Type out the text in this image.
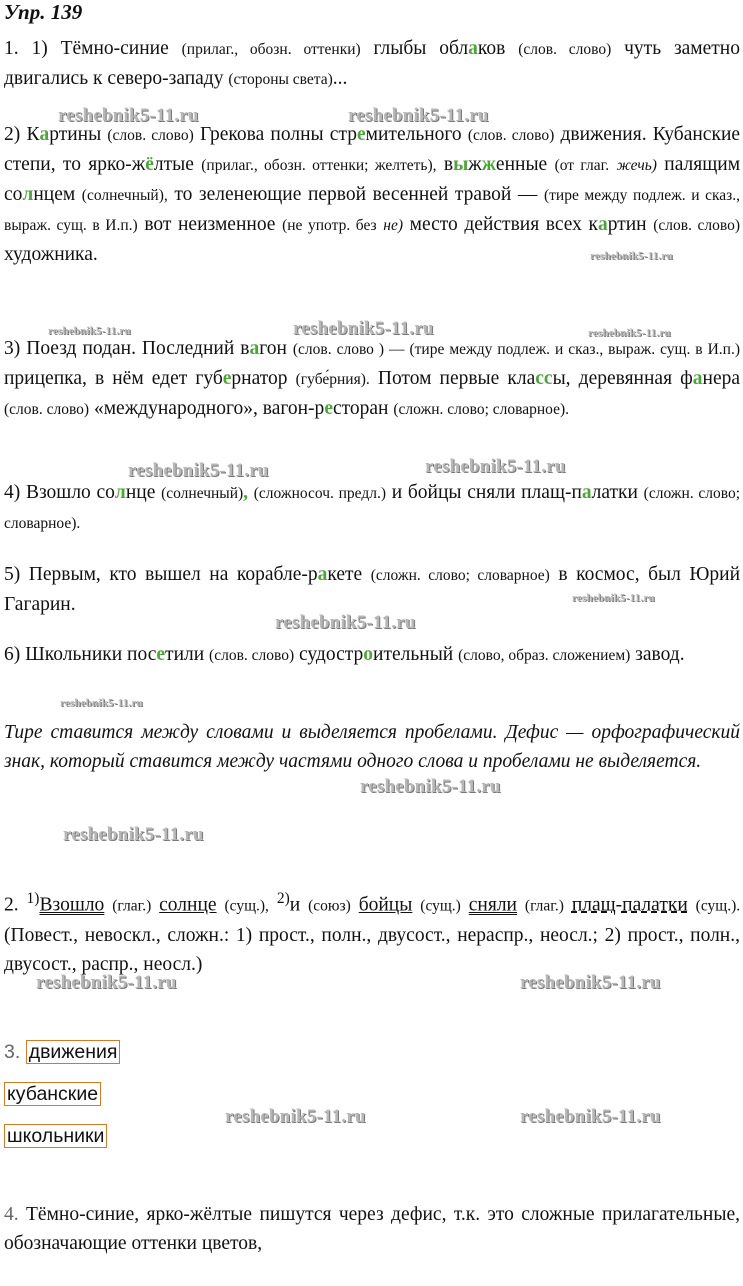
Упр. 139
1. 1) Тёмно-синие (прилаг., обозн. оттенки) глыбы облаков (слов. слово) чуть заметно двигались к северо-западу (стороны света)...
2) Картины (слов. слово) Грекова полны стремительного (слов. слово) движения. Кубанские степи, то ярко-жёлтые (прилаг., обозн. оттенки; желтеть), выжженные (от глаг. жечь) палящим солнцем (солнечный), то зеленеющие первой весенней травой — (тире между подлеж. и сказ., выраж. сущ. в И.п.) вот неизменное (не употр. без не) место действия всех картин (слов. слово) художника.
3) Поезд подан. Последний вагон (слов. слово ) — (тире между подлеж. и сказ., выраж. сущ. в И.п.) прицепка, в нём едет губернатор (губе́рния). Потом первые классы, деревянная фанера (слов. слово) «международного», вагон-ресторан (сложн. слово; словарное).
4) Взошло солнце (солнечный), (сложносоч. предл.) и бойцы сняли плащ-палатки (сложн. слово; словарное).
5) Первым, кто вышел на корабле-ракете (сложн. слово; словарное) в космос, был Юрий Гагарин.
6) Школьники посетили (слов. слово) судостроительный (слово, образ. сложением) завод.
Тире ставится между словами и выделяется пробелами. Дефис — орфографический знак, который ставится между частями одного слова и пробелами не выделяется.
2. $^{1)}$Взошло (глаг.) солнце (сущ.), $^{2)}$и (союз) бойцы (сущ.) сняли (глаг.) плащ-палатки (сущ.). (Повест., невоскл., сложн.: 1) прост., полн., двусост., нераспр., неосл.; 2) прост., полн., двусост., распр., неосл.)
3. движения
кубанские
школьники
4. Тёмно-синие, ярко-жёлтые пишутся через дефис, т.к. это сложные прилагательные, обозначающие оттенки цветов,
reshebnik5-11.ru	reshebnik5-11.ru
reshebnik5-11.ru
reshebnik5-11.ru	reshebnik5-11.ru	reshebnik5-11.ru
reshebnik5-11.ru	reshebnik5-11.ru
reshebnik5-11.ru
reshebnik5-11.ru
reshebnik5-11.ru
reshebnik5-11.ru
reshebnik5-11.ru
reshebnik5-11.ru	reshebnik5-11.ru
reshebnik5-11.ru	reshebnik5-11.ru
